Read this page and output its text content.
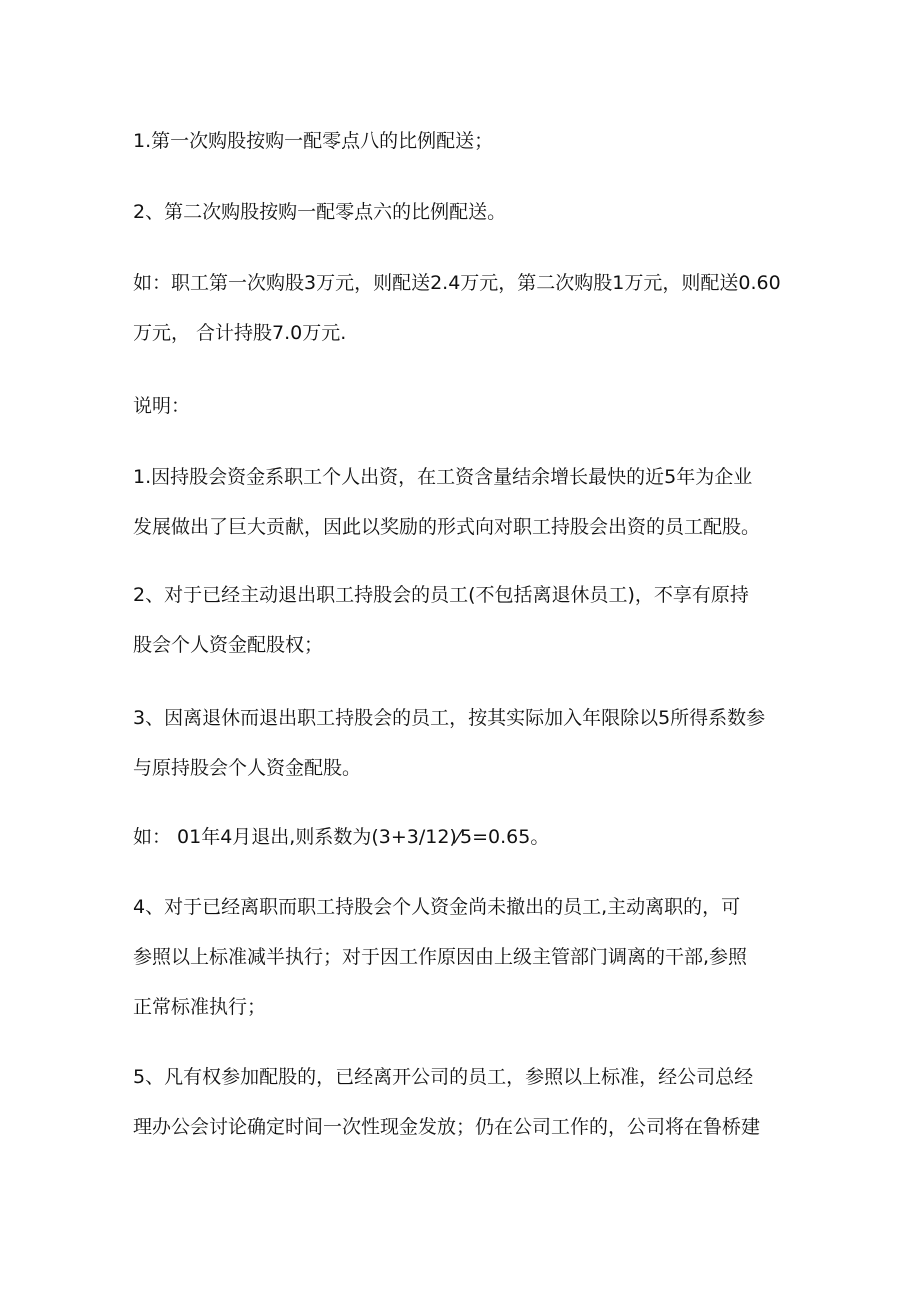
1.第一次购股按购一配零点八的比例配送；
2、第二次购股按购一配零点六的比例配送。
如：职工第一次购股3万元，则配送2.4万元，第二次购股1万元，则配送0.60
万元， 合计持股7.0万元.
说明：
1.因持股会资金系职工个人出资，在工资含量结余增长最快的近5年为企业
发展做出了巨大贡献，因此以奖励的形式向对职工持股会出资的员工配股。
2、对于已经主动退出职工持股会的员工(不包括离退休员工)，不享有原持
股会个人资金配股权；
3、因离退休而退出职工持股会的员工，按其实际加入年限除以5所得系数参
与原持股会个人资金配股。
如： 01年4月退出,则系数为(3+3/12)⁄5=0.65。
4、对于已经离职而职工持股会个人资金尚未撤出的员工,主动离职的，可
参照以上标准减半执行；对于因工作原因由上级主管部门调离的干部,参照
正常标准执行；
5、凡有权参加配股的，已经离开公司的员工，参照以上标准，经公司总经
理办公会讨论确定时间一次性现金发放；仍在公司工作的，公司将在鲁桥建
